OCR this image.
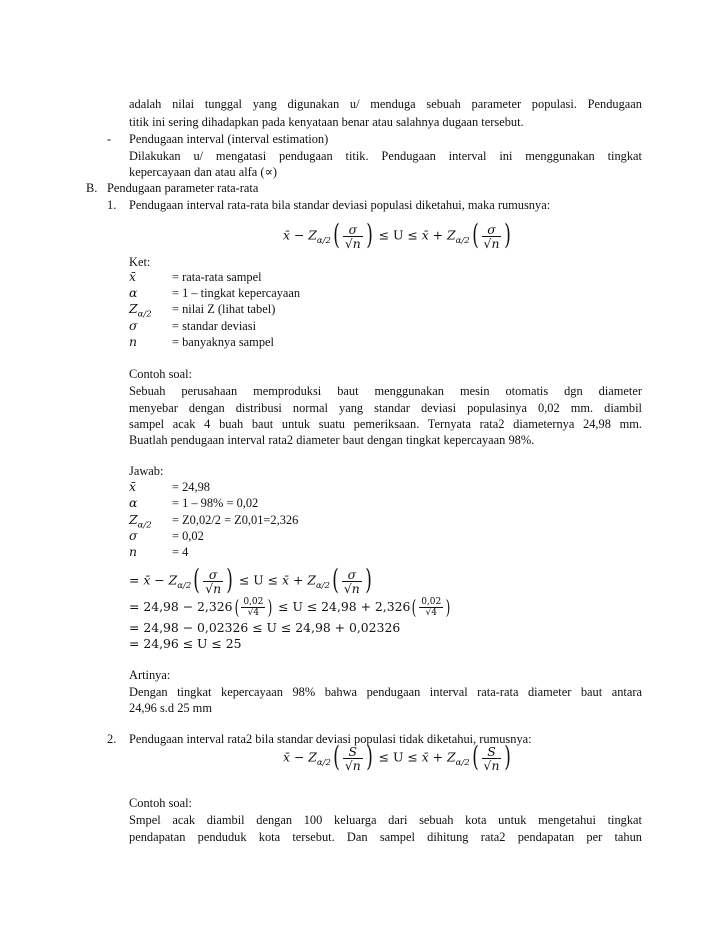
adalah nilai tunggal yang digunakan u/ menduga sebuah parameter populasi. Pendugaan
titik ini sering dihadapkan pada kenyataan benar atau salahnya dugaan tersebut.
- Pendugaan interval (interval estimation)
Dilakukan u/ mengatasi pendugaan titik. Pendugaan interval ini menggunakan tingkat
kepercayaan dan atau alfa (∝)
B. Pendugaan parameter rata-rata
1. Pendugaan interval rata-rata bila standar deviasi populasi diketahui, maka rumusnya:
x̄ − $Z_{\alpha/2}( \frac{\sigma}{√n}$ ) ≤ U ≤ x̄ + $Z_{\alpha/2}( \frac{\sigma}{√n}$ )
Ket:
x̄	= rata-rata sampel
α	= 1 – tingkat kepercayaan
$Z_{\alpha/2}$ = nilai Z (lihat tabel)
σ	= standar deviasi
n	= banyaknya sampel
Contoh soal:
Sebuah perusahaan memproduksi baut menggunakan mesin otomatis dgn diameter
menyebar dengan distribusi normal yang standar deviasi populasinya 0,02 mm. diambil
sampel acak 4 buah baut untuk suatu pemeriksaan. Ternyata rata2 diameternya 24,98 mm.
Buatlah pendugaan interval rata2 diameter baut dengan tingkat kepercayaan 98%.
Jawab:
x̄	= 24,98
α	= 1 – 98% = 0,02
$Z_{\alpha/2} = Z0,02/2 = Z0,01=2,326$
σ	= 0,02
n	= 4
= x̄ − $Z_{\alpha/2}( \frac{\sigma}{√n}$ ) ≤ U ≤ x̄ + $Z_{\alpha/2}( \frac{\sigma}{√n}$ )
= $24,98 - 2,326( \frac{0,02}{√4}$ ) ≤ $U \le 24,98 + 2,326( \frac{0,02}{√4}$ )
= 24,98 − 0,02326 ≤ U ≤ 24,98 + 0,02326
= 24,96 ≤ U ≤ 25
Artinya:
Dengan tingkat kepercayaan 98% bahwa pendugaan interval rata-rata diameter baut antara
24,96 s.d 25 mm
2. Pendugaan interval rata2 bila standar deviasi populasi tidak diketahui, rumusnya:
x̄ − $Z_{\alpha/2}( \frac{S}{√n}$ ) ≤ U ≤ x̄ + $Z_{\alpha/2}( \frac{S}{√n}$ )
Contoh soal:
Smpel acak diambil dengan 100 keluarga dari sebuah kota untuk mengetahui tingkat
pendapatan penduduk kota tersebut. Dan sampel dihitung rata2 pendapatan per tahun
